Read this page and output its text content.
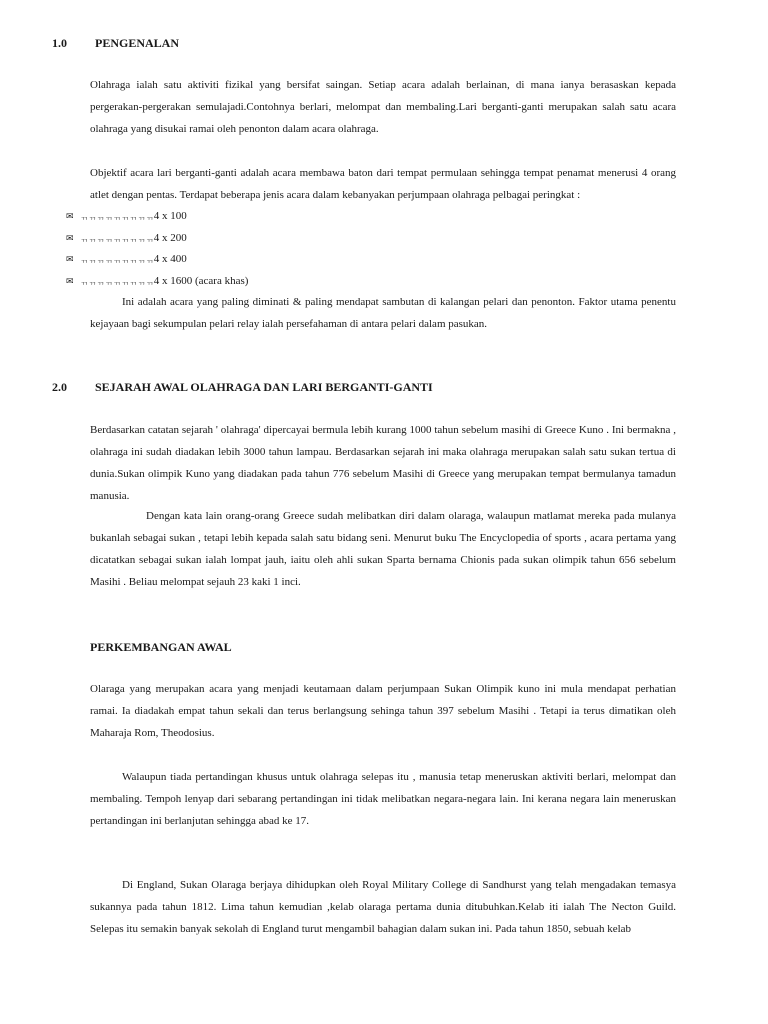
1.0 PENGENALAN

Olahraga ialah satu aktiviti fizikal yang bersifat saingan. Setiap acara adalah berlainan, di mana ianya berasaskan kepada pergerakan-pergerakan semulajadi.Contohnya berlari, melompat dan membaling.Lari berganti-ganti merupakan salah satu acara olahraga yang disukai ramai oleh penonton dalam acara olahraga.

Objektif acara lari berganti-ganti adalah acara membawa baton dari tempat permulaan sehingga tempat penamat menerusi 4 orang atlet dengan pentas. Terdapat beberapa jenis acara dalam kebanyakan perjumpaan olahraga pelbagai peringkat :

✉ ᆩᆩᆩᆩᆩᆩᆩᆩᆩ4 x 100
✉ ᆩᆩᆩᆩᆩᆩᆩᆩᆩ4 x 200
✉ ᆩᆩᆩᆩᆩᆩᆩᆩᆩ4 x 400
✉ ᆩᆩᆩᆩᆩᆩᆩᆩᆩ4 x 1600 (acara khas)

Ini adalah acara yang paling diminati & paling mendapat sambutan di kalangan pelari dan penonton. Faktor utama penentu kejayaan bagi sekumpulan pelari relay ialah persefahaman di antara pelari dalam pasukan.

2.0 SEJARAH AWAL OLAHRAGA DAN LARI BERGANTI-GANTI

Berdasarkan catatan sejarah ' olahraga' dipercayai bermula lebih kurang 1000 tahun sebelum masihi di Greece Kuno . Ini bermakna , olahraga ini sudah diadakan lebih 3000 tahun lampau. Berdasarkan sejarah ini maka olahraga merupakan salah satu sukan tertua di dunia.Sukan olimpik Kuno yang diadakan pada tahun 776 sebelum Masihi di Greece yang merupakan tempat bermulanya tamadun manusia.

Dengan kata lain orang-orang Greece sudah melibatkan diri dalam olaraga, walaupun matlamat mereka pada mulanya bukanlah sebagai sukan , tetapi lebih kepada salah satu bidang seni. Menurut buku The Encyclopedia of sports , acara pertama yang dicatatkan sebagai sukan ialah lompat jauh, iaitu oleh ahli sukan Sparta bernama Chionis pada sukan olimpik tahun 656 sebelum Masihi . Beliau melompat sejauh 23 kaki 1 inci.

PERKEMBANGAN AWAL

Olaraga yang merupakan acara yang menjadi keutamaan dalam perjumpaan Sukan Olimpik kuno ini mula mendapat perhatian ramai. Ia diadakah empat tahun sekali dan terus berlangsung sehinga tahun 397 sebelum Masihi . Tetapi ia terus dimatikan oleh Maharaja Rom, Theodosius.

Walaupun tiada pertandingan khusus untuk olahraga selepas itu , manusia tetap meneruskan aktiviti berlari, melompat dan membaling. Tempoh lenyap dari sebarang pertandingan ini tidak melibatkan negara-negara lain. Ini kerana negara lain meneruskan pertandingan ini berlanjutan sehingga abad ke 17.

Di England, Sukan Olaraga berjaya dihidupkan oleh Royal Military College di Sandhurst yang telah mengadakan temasya sukannya pada tahun 1812. Lima tahun kemudian ,kelab olaraga pertama dunia ditubuhkan.Kelab iti ialah The Necton Guild. Selepas itu semakin banyak sekolah di England turut mengambil bahagian dalam sukan ini. Pada tahun 1850, sebuah kelab
